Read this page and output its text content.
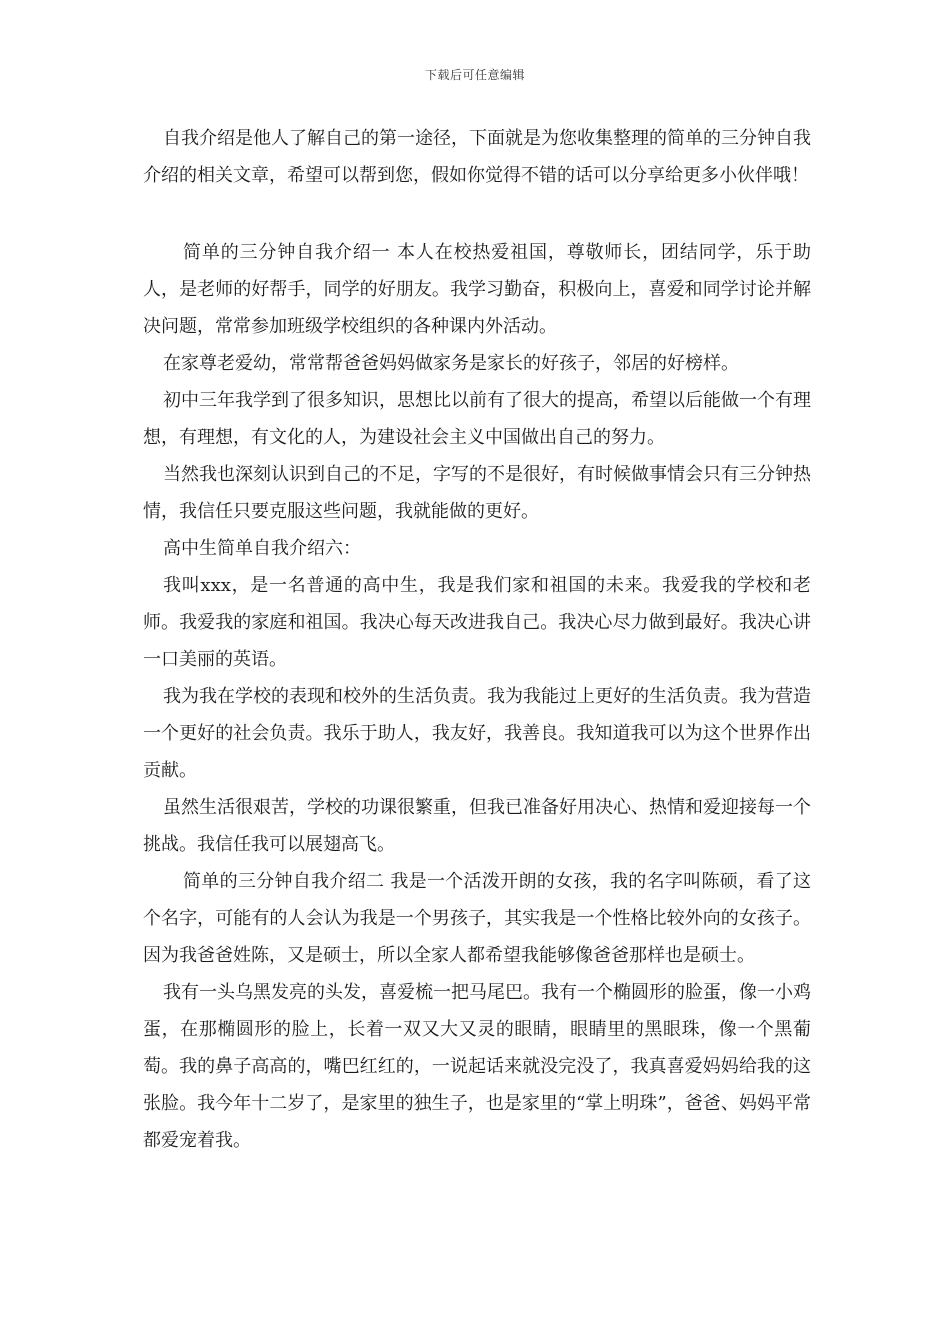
下载后可任意编辑

自我介绍是他人了解自己的第一途径，下面就是为您收集整理的简单的三分钟自我介绍的相关文章，希望可以帮到您，假如你觉得不错的话可以分享给更多小伙伴哦！

简单的三分钟自我介绍一 本人在校热爱祖国，尊敬师长，团结同学，乐于助人，是老师的好帮手，同学的好朋友。我学习勤奋，积极向上，喜爱和同学讨论并解决问题，常常参加班级学校组织的各种课内外活动。

在家尊老爱幼，常常帮爸爸妈妈做家务是家长的好孩子，邻居的好榜样。

初中三年我学到了很多知识，思想比以前有了很大的提高，希望以后能做一个有理想，有理想，有文化的人，为建设社会主义中国做出自己的努力。

当然我也深刻认识到自己的不足，字写的不是很好，有时候做事情会只有三分钟热情，我信任只要克服这些问题，我就能做的更好。

高中生简单自我介绍六：

我叫xxx，是一名普通的高中生，我是我们家和祖国的未来。我爱我的学校和老师。我爱我的家庭和祖国。我决心每天改进我自己。我决心尽力做到最好。我决心讲一口美丽的英语。

我为我在学校的表现和校外的生活负责。我为我能过上更好的生活负责。我为营造一个更好的社会负责。我乐于助人，我友好，我善良。我知道我可以为这个世界作出贡献。

虽然生活很艰苦，学校的功课很繁重，但我已准备好用决心、热情和爱迎接每一个挑战。我信任我可以展翅高飞。

简单的三分钟自我介绍二 我是一个活泼开朗的女孩，我的名字叫陈硕，看了这个名字，可能有的人会认为我是一个男孩子，其实我是一个性格比较外向的女孩子。因为我爸爸姓陈，又是硕士，所以全家人都希望我能够像爸爸那样也是硕士。

我有一头乌黑发亮的头发，喜爱梳一把马尾巴。我有一个椭圆形的脸蛋，像一小鸡蛋，在那椭圆形的脸上，长着一双又大又灵的眼睛，眼睛里的黑眼珠，像一个黑葡萄。我的鼻子高高的，嘴巴红红的，一说起话来就没完没了，我真喜爱妈妈给我的这张脸。我今年十二岁了，是家里的独生子，也是家里的“掌上明珠”，爸爸、妈妈平常都爱宠着我。
